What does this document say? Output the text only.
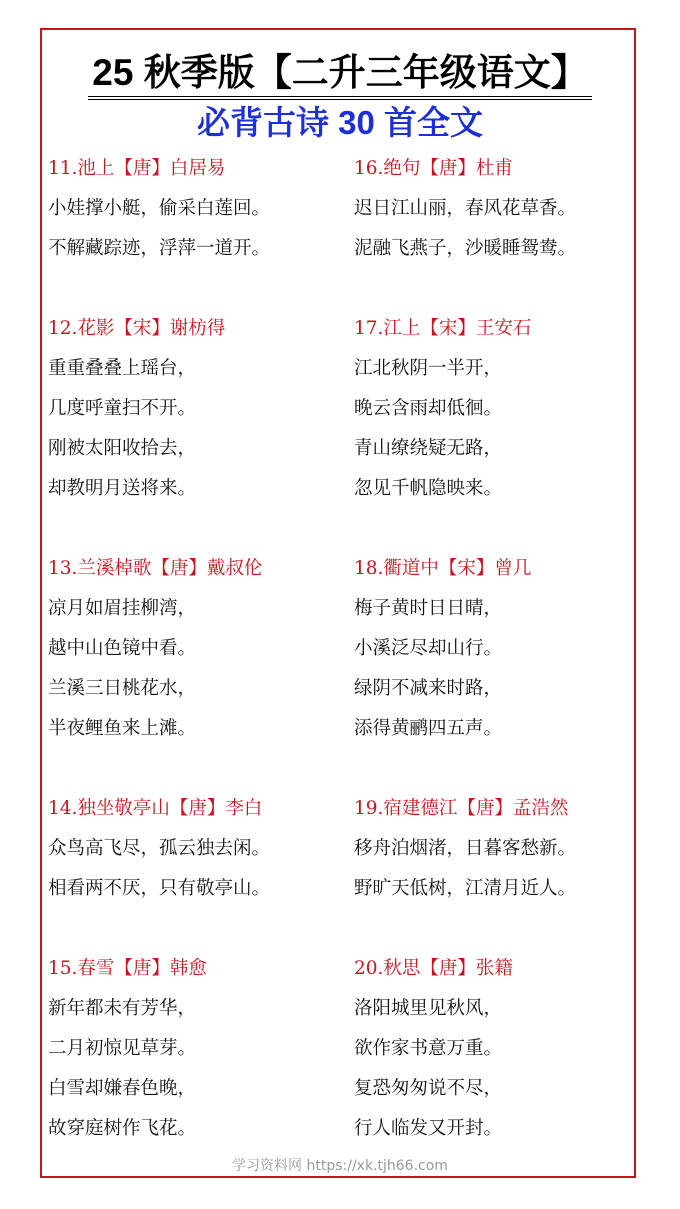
25 秋季版【二升三年级语文】
必背古诗 30 首全文
11.池上【唐】白居易
小娃撑小艇，偷采白莲回。
不解藏踪迹，浮萍一道开。
12.花影【宋】谢枋得
重重叠叠上瑶台，
几度呼童扫不开。
刚被太阳收拾去，
却教明月送将来。
13.兰溪棹歌【唐】戴叔伦
凉月如眉挂柳湾，
越中山色镜中看。
兰溪三日桃花水，
半夜鲤鱼来上滩。
14.独坐敬亭山【唐】李白
众鸟高飞尽，孤云独去闲。
相看两不厌，只有敬亭山。
15.春雪【唐】韩愈
新年都未有芳华，
二月初惊见草芽。
白雪却嫌春色晚，
故穿庭树作飞花。
16.绝句【唐】杜甫
迟日江山丽，春风花草香。
泥融飞燕子，沙暖睡鸳鸯。
17.江上【宋】王安石
江北秋阴一半开，
晚云含雨却低徊。
青山缭绕疑无路，
忽见千帆隐映来。
18.衢道中【宋】曾几
梅子黄时日日晴，
小溪泛尽却山行。
绿阴不减来时路，
添得黄鹂四五声。
19.宿建德江【唐】孟浩然
移舟泊烟渚，日暮客愁新。
野旷天低树，江清月近人。
20.秋思【唐】张籍
洛阳城里见秋风，
欲作家书意万重。
复恐匆匆说不尽，
行人临发又开封。
学习资料网 https://xk.tjh66.com
